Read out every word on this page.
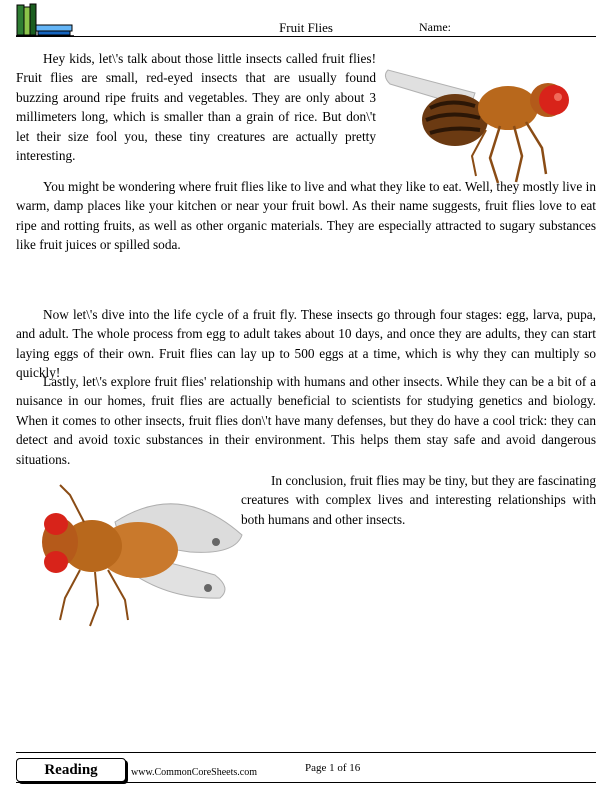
Fruit Flies	Name:

Hey kids, let\'s talk about those little insects called fruit flies! Fruit flies are small, red-eyed insects that are usually found buzzing around ripe fruits and vegetables. They are only about 3 millimeters long, which is smaller than a grain of rice. But don\'t let their size fool you, these tiny creatures are actually pretty interesting.

You might be wondering where fruit flies like to live and what they like to eat. Well, they mostly live in warm, damp places like your kitchen or near your fruit bowl. As their name suggests, fruit flies love to eat ripe and rotting fruits, as well as other organic materials. They are especially attracted to sugary substances like fruit juices or spilled soda.

Now let\'s dive into the life cycle of a fruit fly. These insects go through four stages: egg, larva, pupa, and adult. The whole process from egg to adult takes about 10 days, and once they are adults, they can start laying eggs of their own. Fruit flies can lay up to 500 eggs at a time, which is why they can multiply so quickly!

Lastly, let\'s explore fruit flies' relationship with humans and other insects. While they can be a bit of a nuisance in our homes, fruit flies are actually beneficial to scientists for studying genetics and biology. When it comes to other insects, fruit flies don\'t have many defenses, but they do have a cool trick: they can detect and avoid toxic substances in their environment. This helps them stay safe and avoid dangerous situations.

In conclusion, fruit flies may be tiny, but they are fascinating creatures with complex lives and interesting relationships with both humans and other insects.

Reading	www.CommonCoreSheets.com	Page 1 of 16
